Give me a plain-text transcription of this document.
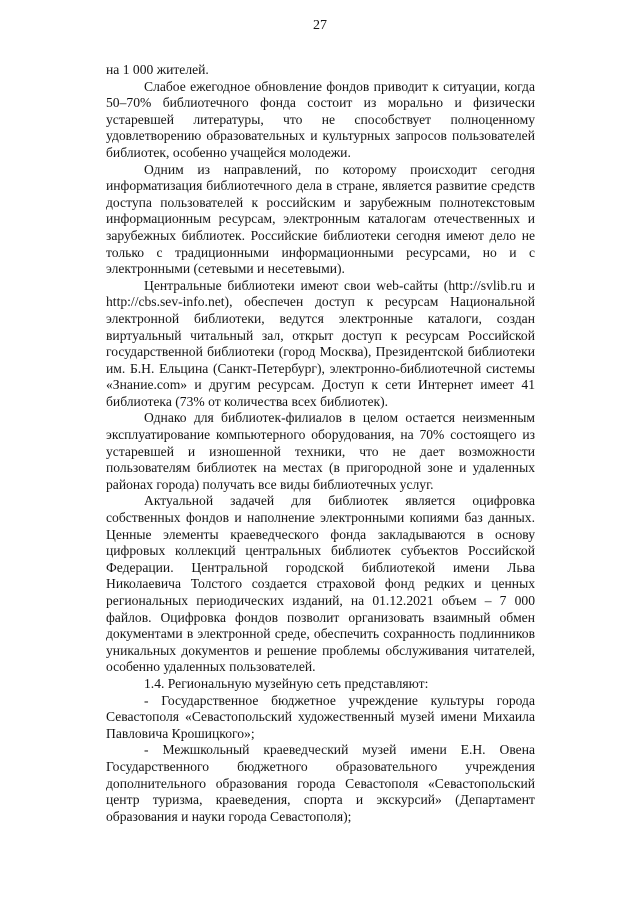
27

на 1 000 жителей.

Слабое ежегодное обновление фондов приводит к ситуации, когда 50–70% библиотечного фонда состоит из морально и физически устаревшей литературы, что не способствует полноценному удовлетворению образовательных и культурных запросов пользователей библиотек, особенно учащейся молодежи.

Одним из направлений, по которому происходит сегодня информатизация библиотечного дела в стране, является развитие средств доступа пользователей к российским и зарубежным полнотекстовым информационным ресурсам, электронным каталогам отечественных и зарубежных библиотек. Российские библиотеки сегодня имеют дело не только с традиционными информационными ресурсами, но и с электронными (сетевыми и несетевыми).

Центральные библиотеки имеют свои web-сайты (http://svlib.ru и http://cbs.sev-info.net), обеспечен доступ к ресурсам Национальной электронной библиотеки, ведутся электронные каталоги, создан виртуальный читальный зал, открыт доступ к ресурсам Российской государственной библиотеки (город Москва), Президентской библиотеки им. Б.Н. Ельцина (Санкт-Петербург), электронно-библиотечной системы «Знание.com» и другим ресурсам. Доступ к сети Интернет имеет 41 библиотека (73% от количества всех библиотек).

Однако для библиотек-филиалов в целом остается неизменным эксплуатирование компьютерного оборудования, на 70% состоящего из устаревшей и изношенной техники, что не дает возможности пользователям библиотек на местах (в пригородной зоне и удаленных районах города) получать все виды библиотечных услуг.

Актуальной задачей для библиотек является оцифровка собственных фондов и наполнение электронными копиями баз данных. Ценные элементы краеведческого фонда закладываются в основу цифровых коллекций центральных библиотек субъектов Российской Федерации. Центральной городской библиотекой имени Льва Николаевича Толстого создается страховой фонд редких и ценных региональных периодических изданий, на 01.12.2021 объем – 7 000 файлов. Оцифровка фондов позволит организовать взаимный обмен документами в электронной среде, обеспечить сохранность подлинников уникальных документов и решение проблемы обслуживания читателей, особенно удаленных пользователей.

1.4. Региональную музейную сеть представляют:

- Государственное бюджетное учреждение культуры города Севастополя «Севастопольский художественный музей имени Михаила Павловича Крошицкого»;

- Межшкольный краеведческий музей имени Е.Н. Овена Государственного бюджетного образовательного учреждения дополнительного образования города Севастополя «Севастопольский центр туризма, краеведения, спорта и экскурсий» (Департамент образования и науки города Севастополя);
